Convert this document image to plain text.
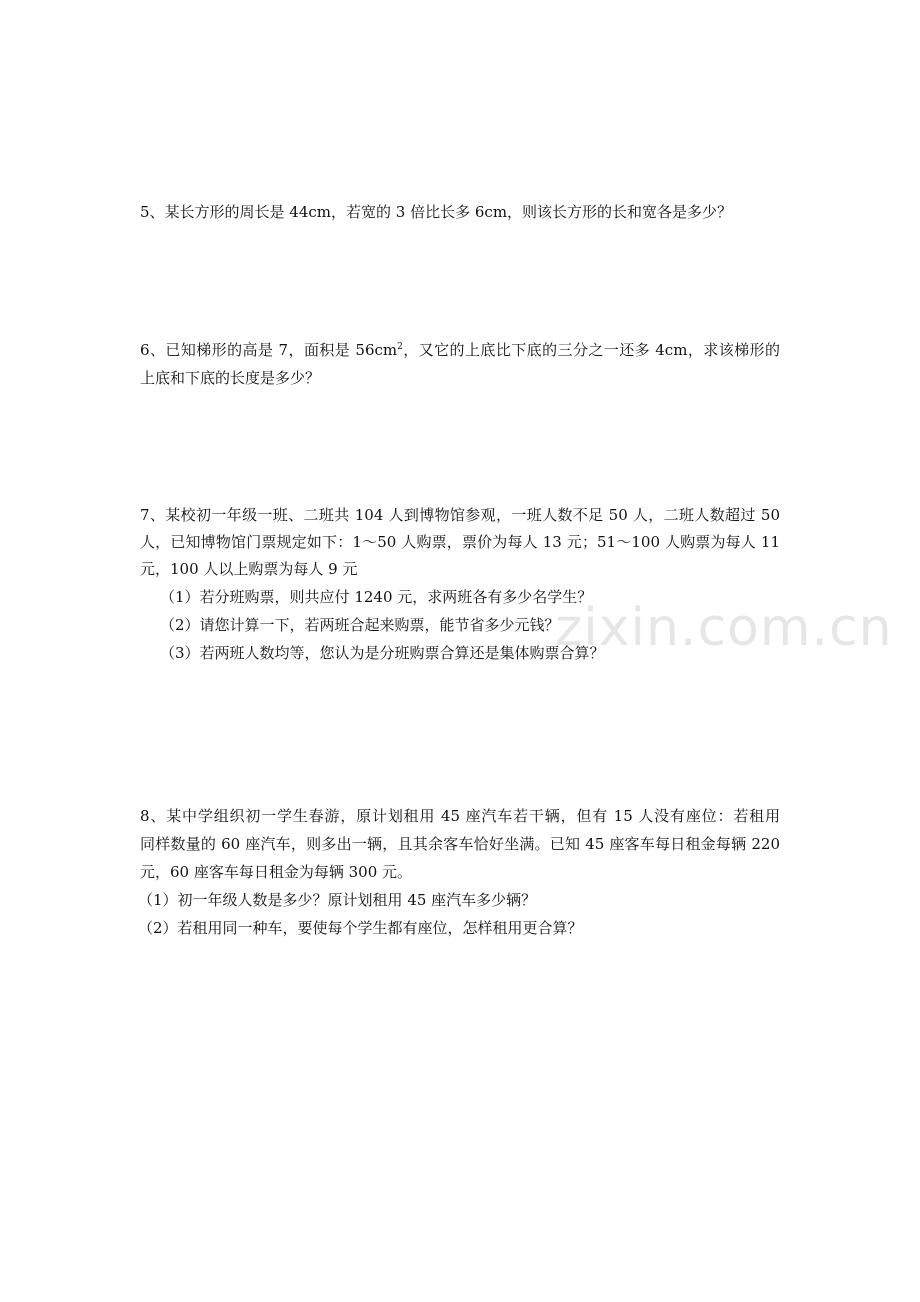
5、某长方形的周长是 44cm，若宽的 3 倍比长多 6cm，则该长方形的长和宽各是多少？
6、已知梯形的高是 7，面积是 $56cm^2$，又它的上底比下底的三分之一还多 4cm，求该梯形的
上底和下底的长度是多少？
7、某校初一年级一班、二班共 104 人到博物馆参观，一班人数不足 50 人，二班人数超过 50
人，已知博物馆门票规定如下：1～50 人购票，票价为每人 13 元；51～100 人购票为每人 11
元，100 人以上购票为每人 9 元
（1）若分班购票，则共应付 1240 元，求两班各有多少名学生？
（2）请您计算一下，若两班合起来购票，能节省多少元钱？
（3）若两班人数均等，您认为是分班购票合算还是集体购票合算？
8、某中学组织初一学生春游，原计划租用 45 座汽车若干辆，但有 15 人没有座位：若租用
同样数量的 60 座汽车，则多出一辆，且其余客车恰好坐满。已知 45 座客车每日租金每辆 220
元，60 座客车每日租金为每辆 300 元。
（1）初一年级人数是多少？原计划租用 45 座汽车多少辆？
（2）若租用同一种车，要使每个学生都有座位，怎样租用更合算？
zixin.com.cn
